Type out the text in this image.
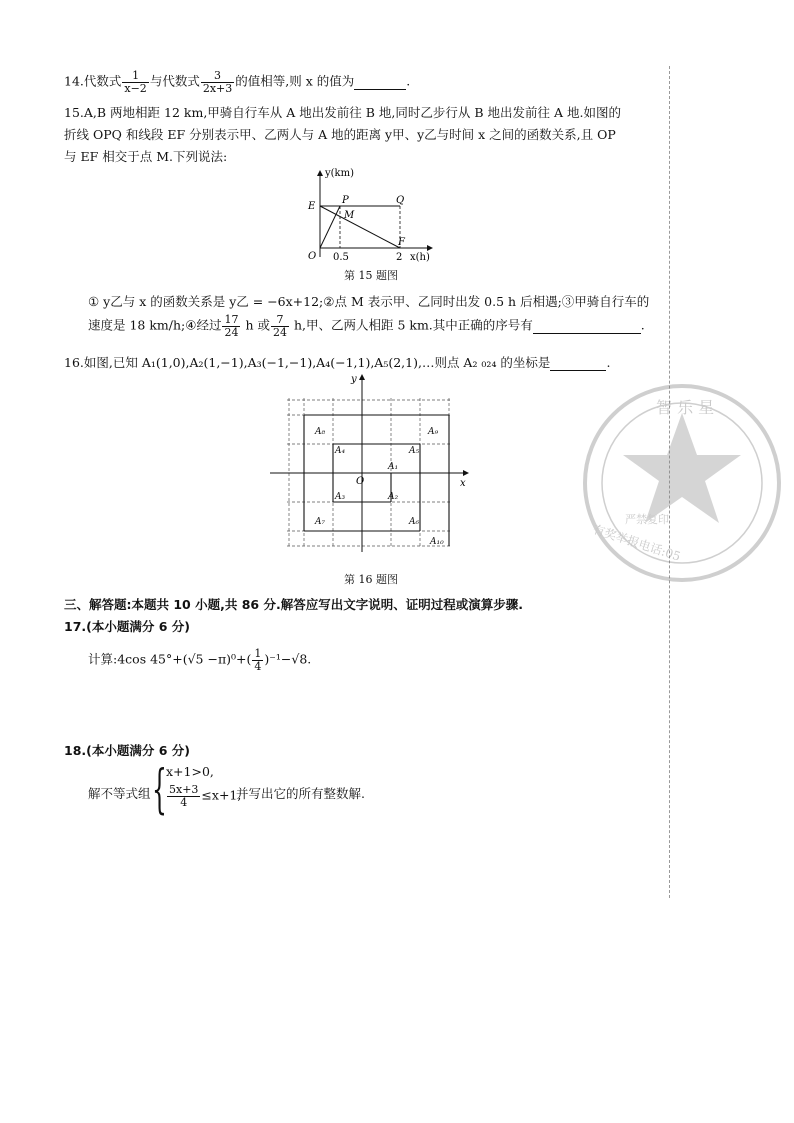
14.代数式 $\frac{1}{x-2}$ 与代数式 $\frac{3}{2x+3}$ 的值相等,则 x 的值为	.
15.A,B 两地相距 12 km,甲骑自行车从 A 地出发前往 B 地,同时乙步行从 B 地出发前往 A 地.如图的
折线 OPQ 和线段 EF 分别表示甲、乙两人与 A 地的距离 y甲、y乙与时间 x 之间的函数关系,且 OP
与 EF 相交于点 M.下列说法:
y(km)
x(h)
O 0.5	2
E
P	Q
M
F
第 15 题图
① y乙与 x 的函数关系是 y乙 = −6x+12;②点 M 表示甲、乙同时出发 0.5 h 后相遇;③甲骑自行车的
速度是 18 km/h;④经过 $\frac{17}{24}$ h 或 $\frac{7}{24} h$,甲、乙两人相距 5 km.其中正确的序号有	.
16.如图,已知 A₁(1,0),A₂(1,−1),A₃(−1,−1),A₄(−1,1),A₅(2,1),…则点 A₂ ₀₂₄ 的坐标是	.
x
y
O
A₁
A₂
A₃
A₄	A₅
A₆
A₇
A₈	A₉
A₁₀
第 16 题图
三、解答题:本题共 10 小题,共 86 分.解答应写出文字说明、证明过程或演算步骤.
17.(本小题满分 6 分)
计算:4cos $45^\circ+(√5 -\pi)^0+( \frac{1}{4} )^{-1}-√8$.
18.(本小题满分 6 分)
解不等式组 { x+1>0,
$\frac{5x+3}{4} \le x+1$,
并写出它的所有整数解.
智 乐 星
严禁复印
有奖举报电话:05
